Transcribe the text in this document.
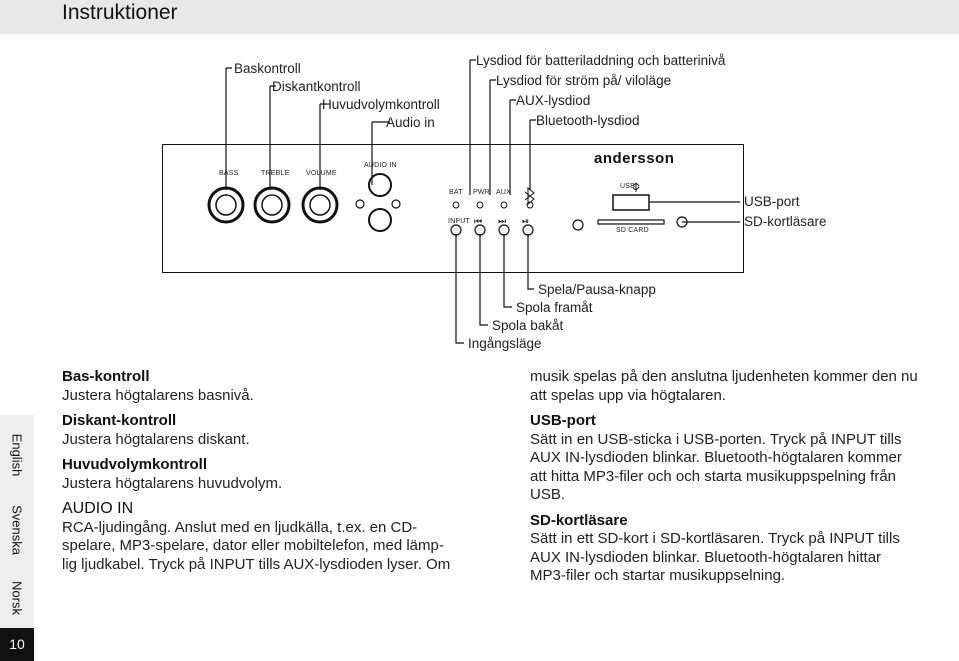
Instruktioner
Baskontroll
Diskantkontroll
Huvudvolymkontroll
Audio in
Lysdiod för batteriladdning och batterinivå
Lysdiod för ström på/ viloläge
AUX-lysdiod
Bluetooth-lysdiod
USB-port
SD-kortläsare
Spela/Pausa-knapp
Spola framåt
Spola bakåt
Ingångsläge
BASS	TREBLE VOLUME
AUDIO IN
BAT PWR AUX
INPUT ⏮ ⏭ ⏯
USB
SD CARD
andersson
English
Svenska
Norsk
10
Bas-kontroll
Justera högtalarens basnivå.
Diskant-kontroll
Justera högtalarens diskant.
Huvudvolymkontroll
Justera högtalarens huvudvolym.
AUDIO IN
RCA-ljudingång. Anslut med en ljudkälla, t.ex. en CD-
spelare, MP3-spelare, dator eller mobiltelefon, med lämp-
lig ljudkabel. Tryck på INPUT tills AUX-lysdioden lyser. Om
musik spelas på den anslutna ljudenheten kommer den nu
att spelas upp via högtalaren.
USB-port
Sätt in en USB-sticka i USB-porten. Tryck på INPUT tills
AUX IN-lysdioden blinkar. Bluetooth-högtalaren kommer
att hitta MP3-filer och och starta musikuppspelning från
USB.
SD-kortläsare
Sätt in ett SD-kort i SD-kortläsaren. Tryck på INPUT tills
AUX IN-lysdioden blinkar. Bluetooth-högtalaren hittar
MP3-filer och startar musikuppselning.
